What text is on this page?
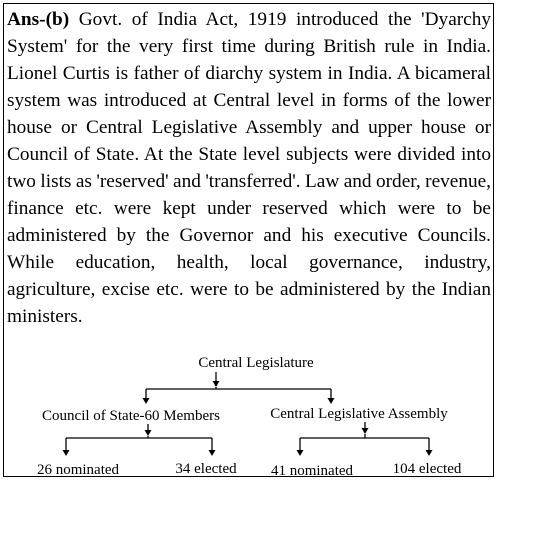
Ans-(b) Govt. of India Act, 1919 introduced the 'Dyarchy System' for the very first time during British rule in India. Lionel Curtis is father of diarchy system in India. A bicameral system was introduced at Central level in forms of the lower house or Central Legislative Assembly and upper house or Council of State. At the State level subjects were divided into two lists as 'reserved' and 'transferred'. Law and order, revenue, finance etc. were kept under reserved which were to be administered by the Governor and his executive Councils. While education, health, local governance, industry, agriculture, excise etc. were to be administered by the Indian ministers.

Central Legislature
Council of State-60 Members	Central Legislative Assembly
26 nominated	34 elected 41 nominated	104 elected
